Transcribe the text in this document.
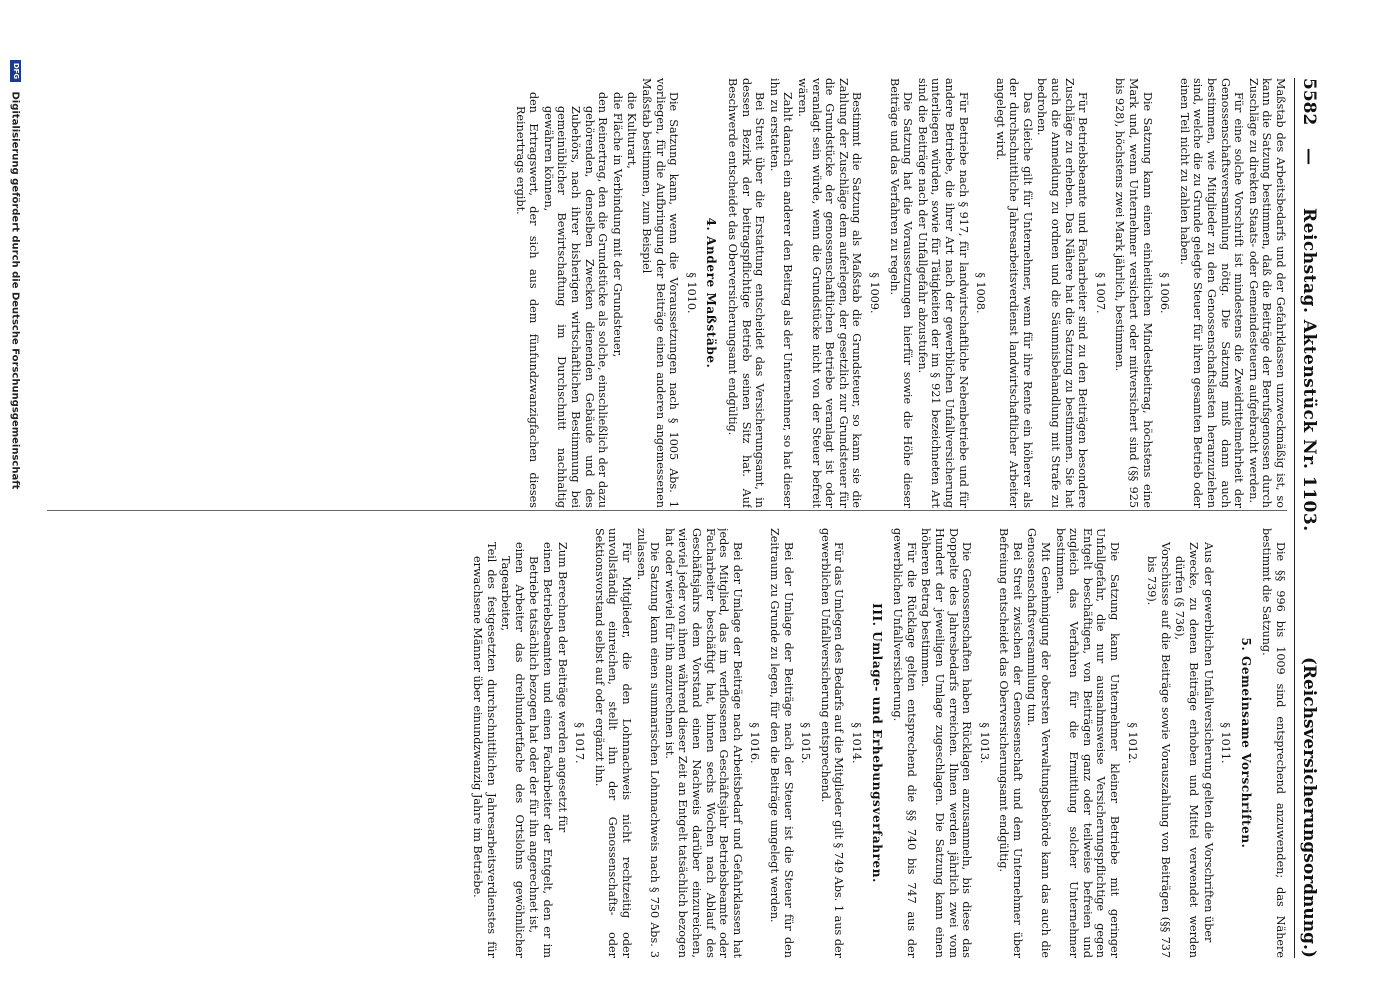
5582
—
Reichstag. Aktenstück Nr. 1103.
(Reichsversicherungsordnung.)

Maßstab des Arbeitsbedarfs und der Gefahrklassen unzweckmäßig ist, so kann die Satzung bestimmen, daß die Beiträge der Berufsgenossen durch Zuschläge zu direkten Staats- oder Gemeindesteuern aufgebracht werden.

Für eine solche Vorschrift ist mindestens die Zweidrittelmehrheit der Genossenschaftsversammlung nötig. Die Satzung muß dann auch bestimmen, wie Mitglieder zu den Genossenschaftslasten heranzuziehen sind, welche die zu Grunde gelegte Steuer für ihren gesamten Betrieb oder einen Teil nicht zu zahlen haben.

§ 1006.

Die Satzung kann einen einheitlichen Mindestbeitrag, höchstens eine Mark und, wenn Unternehmer versichert oder mitversichert sind (§§ 925 bis 928), höchstens zwei Mark jährlich, bestimmen.

§ 1007.

Für Betriebsbeamte und Facharbeiter sind zu den Beiträgen besondere Zuschläge zu erheben. Das Nähere hat die Satzung zu bestimmen. Sie hat auch die Anmeldung zu ordnen und die Säumnisbehandlung mit Strafe zu bedrohen.

Das Gleiche gilt für Unternehmer, wenn für ihre Rente ein höherer als der durchschnittliche Jahresarbeitsverdienst landwirtschaftlicher Arbeiter angelegt wird.

§ 1008.

Für Betriebe nach § 917, für landwirtschaftliche Nebenbetriebe und für andere Betriebe, die ihrer Art nach der gewerblichen Unfallversicherung unterliegen würden, sowie für Tätigkeiten der im § 921 bezeichneten Art sind die Beiträge nach der Unfallgefahr abzustufen.

Die Satzung hat die Voraussetzungen hierfür sowie die Höhe dieser Beiträge und das Verfahren zu regeln.

§ 1009.

Bestimmt die Satzung als Maßstab die Grundsteuer, so kann sie die Zahlung der Zuschläge dem auferlegen, der gesetzlich zur Grundsteuer für die Grundstücke der genossenschaftlichen Betriebe veranlagt ist oder veranlagt sein würde, wenn die Grundstücke nicht von der Steuer befreit wären.

Zahlt danach ein anderer den Beitrag als der Unternehmer, so hat dieser ihn zu erstatten.

Bei Streit über die Erstattung entscheidet das Versicherungsamt, in dessen Bezirk der beitragspflichtige Betrieb seinen Sitz hat. Auf Beschwerde entscheidet das Oberversicherungsamt endgültig.

4. Andere Maßstäbe.
§ 1010.

Die Satzung kann, wenn die Voraussetzungen nach § 1005 Abs. 1 vorliegen, für die Aufbringung der Beiträge einen anderen angemessenen Maßstab bestimmen, zum Beispiel

die Kulturart,

die Fläche in Verbindung mit der Grundsteuer,

den Reinertrag, den die Grundstücke als solche, einschließlich der dazu gehörenden, denselben Zwecken dienenden Gebäude und des Zubehörs, nach ihrer bisherigen wirtschaftlichen Bestimmung bei gemeinüblicher Bewirtschaftung im Durchschnitt nachhaltig gewähren können,

den Ertragswert, der sich aus dem fünfundzwanzigfachen dieses Reinertrags ergibt.

Die §§ 996 bis 1009 sind entsprechend anzuwenden; das Nähere bestimmt die Satzung.

5. Gemeinsame Vorschriften.
§ 1011.

Aus der gewerblichen Unfallversicherung gelten die Vorschriften über

Zwecke, zu denen Beiträge erhoben und Mittel verwendet werden dürfen (§ 736),

Vorschüsse auf die Beiträge sowie Vorauszahlung von Beiträgen (§§ 737 bis 739).

§ 1012.

Die Satzung kann Unternehmer kleiner Betriebe mit geringer Unfallgefahr, die nur ausnahmsweise Versicherungspflichtige gegen Entgelt beschäftigen, von Beiträgen ganz oder teilweise befreien und zugleich das Verfahren für die Ermittlung solcher Unternehmer bestimmen.

Mit Genehmigung der obersten Verwaltungsbehörde kann das auch die Genossenschaftsversammlung tun.

Bei Streit zwischen der Genossenschaft und dem Unternehmer über Befreiung entscheidet das Oberversicherungsamt endgültig.

§ 1013.

Die Genossenschaften haben Rücklagen anzusammeln, bis diese das Doppelte des Jahresbedarfs erreichen. Ihnen werden jährlich zwei vom Hundert der jeweiligen Umlage zugeschlagen. Die Satzung kann einen höheren Betrag bestimmen.

Für die Rücklage gelten entsprechend die §§ 740 bis 747 aus der gewerblichen Unfallversicherung.

III. Umlage- und Erhebungsverfahren.
§ 1014.

Für das Umlegen des Bedarfs auf die Mitglieder gilt § 749 Abs. 1 aus der gewerblichen Unfallversicherung entsprechend.

§ 1015.

Bei der Umlage der Beiträge nach der Steuer ist die Steuer für den Zeitraum zu Grunde zu legen, für den die Beiträge umgelegt werden.

§ 1016.

Bei der Umlage der Beiträge nach Arbeitsbedarf und Gefahrklassen hat jedes Mitglied, das im verflossenen Geschäftsjahr Betriebsbeamte oder Facharbeiter beschäftigt hat, binnen sechs Wochen nach Ablauf des Geschäftsjahrs dem Vorstand einen Nachweis darüber einzureichen, wieviel jeder von ihnen während dieser Zeit an Entgelt tatsächlich bezogen hat oder wieviel für ihn anzurechnen ist.

Die Satzung kann einen summarischen Lohnnachweis nach § 750 Abs. 3 zulassen.

Für Mitglieder, die den Lohnnachweis nicht rechtzeitig oder unvollständig einreichen, stellt ihn der Genossenschafts- oder Sektionsvorstand selbst auf oder ergänzt ihn.

§ 1017.

Zum Berechnen der Beiträge werden angesetzt für

einen Betriebsbeamten und einen Facharbeiter der Entgelt, den er im Betriebe tatsächlich bezogen hat oder der für ihn angerechnet ist,

einen Arbeiter das dreihundertfache des Ortslohns gewöhnlicher Tagearbeiter,

Teil des festgesetzten durchschnittlichen Jahresarbeitsverdienstes für erwachsene Männer über einundzwanzig Jahre im Betriebe.

DFG Digitalisierung gefördert durch die Deutsche Forschungsgemeinschaft
